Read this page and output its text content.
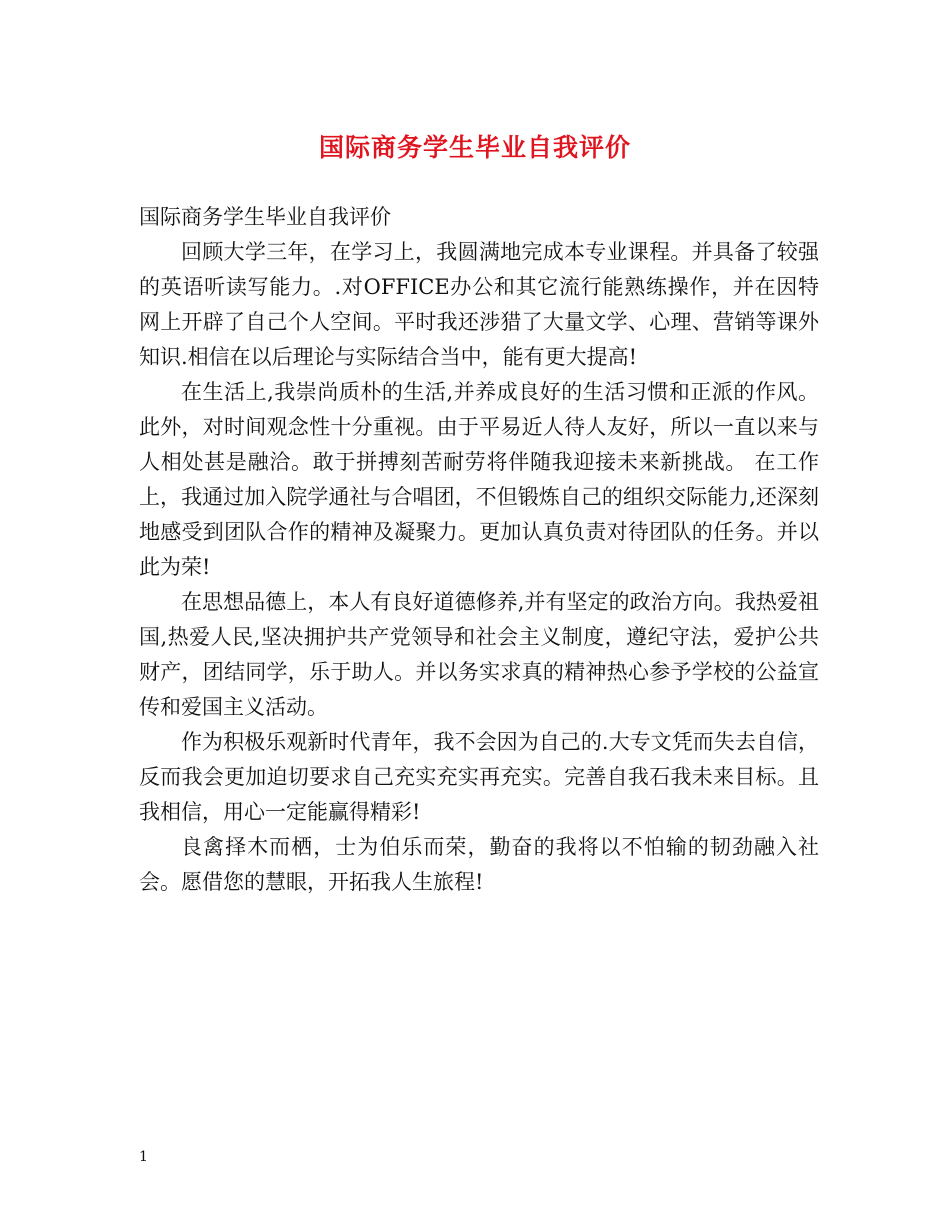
国际商务学生毕业自我评价

国际商务学生毕业自我评价

回顾大学三年，在学习上，我圆满地完成本专业课程。并具备了较强的英语听读写能力。.对OFFICE办公和其它流行能熟练操作，并在因特网上开辟了自己个人空间。平时我还涉猎了大量文学、心理、营销等课外知识.相信在以后理论与实际结合当中，能有更大提高!

在生活上,我崇尚质朴的生活,并养成良好的生活习惯和正派的作风。此外，对时间观念性十分重视。由于平易近人待人友好，所以一直以来与人相处甚是融洽。敢于拼搏刻苦耐劳将伴随我迎接未来新挑战。 在工作上，我通过加入院学通社与合唱团，不但锻炼自己的组织交际能力,还深刻地感受到团队合作的精神及凝聚力。更加认真负责对待团队的任务。并以此为荣!

在思想品德上，本人有良好道德修养,并有坚定的政治方向。我热爱祖国,热爱人民,坚决拥护共产党领导和社会主义制度，遵纪守法，爱护公共财产，团结同学，乐于助人。并以务实求真的精神热心参予学校的公益宣传和爱国主义活动。

作为积极乐观新时代青年，我不会因为自己的.大专文凭而失去自信，反而我会更加迫切要求自己充实充实再充实。完善自我石我未来目标。且我相信，用心一定能赢得精彩!

良禽择木而栖，士为伯乐而荣，勤奋的我将以不怕输的韧劲融入社会。愿借您的慧眼，开拓我人生旅程!

1
